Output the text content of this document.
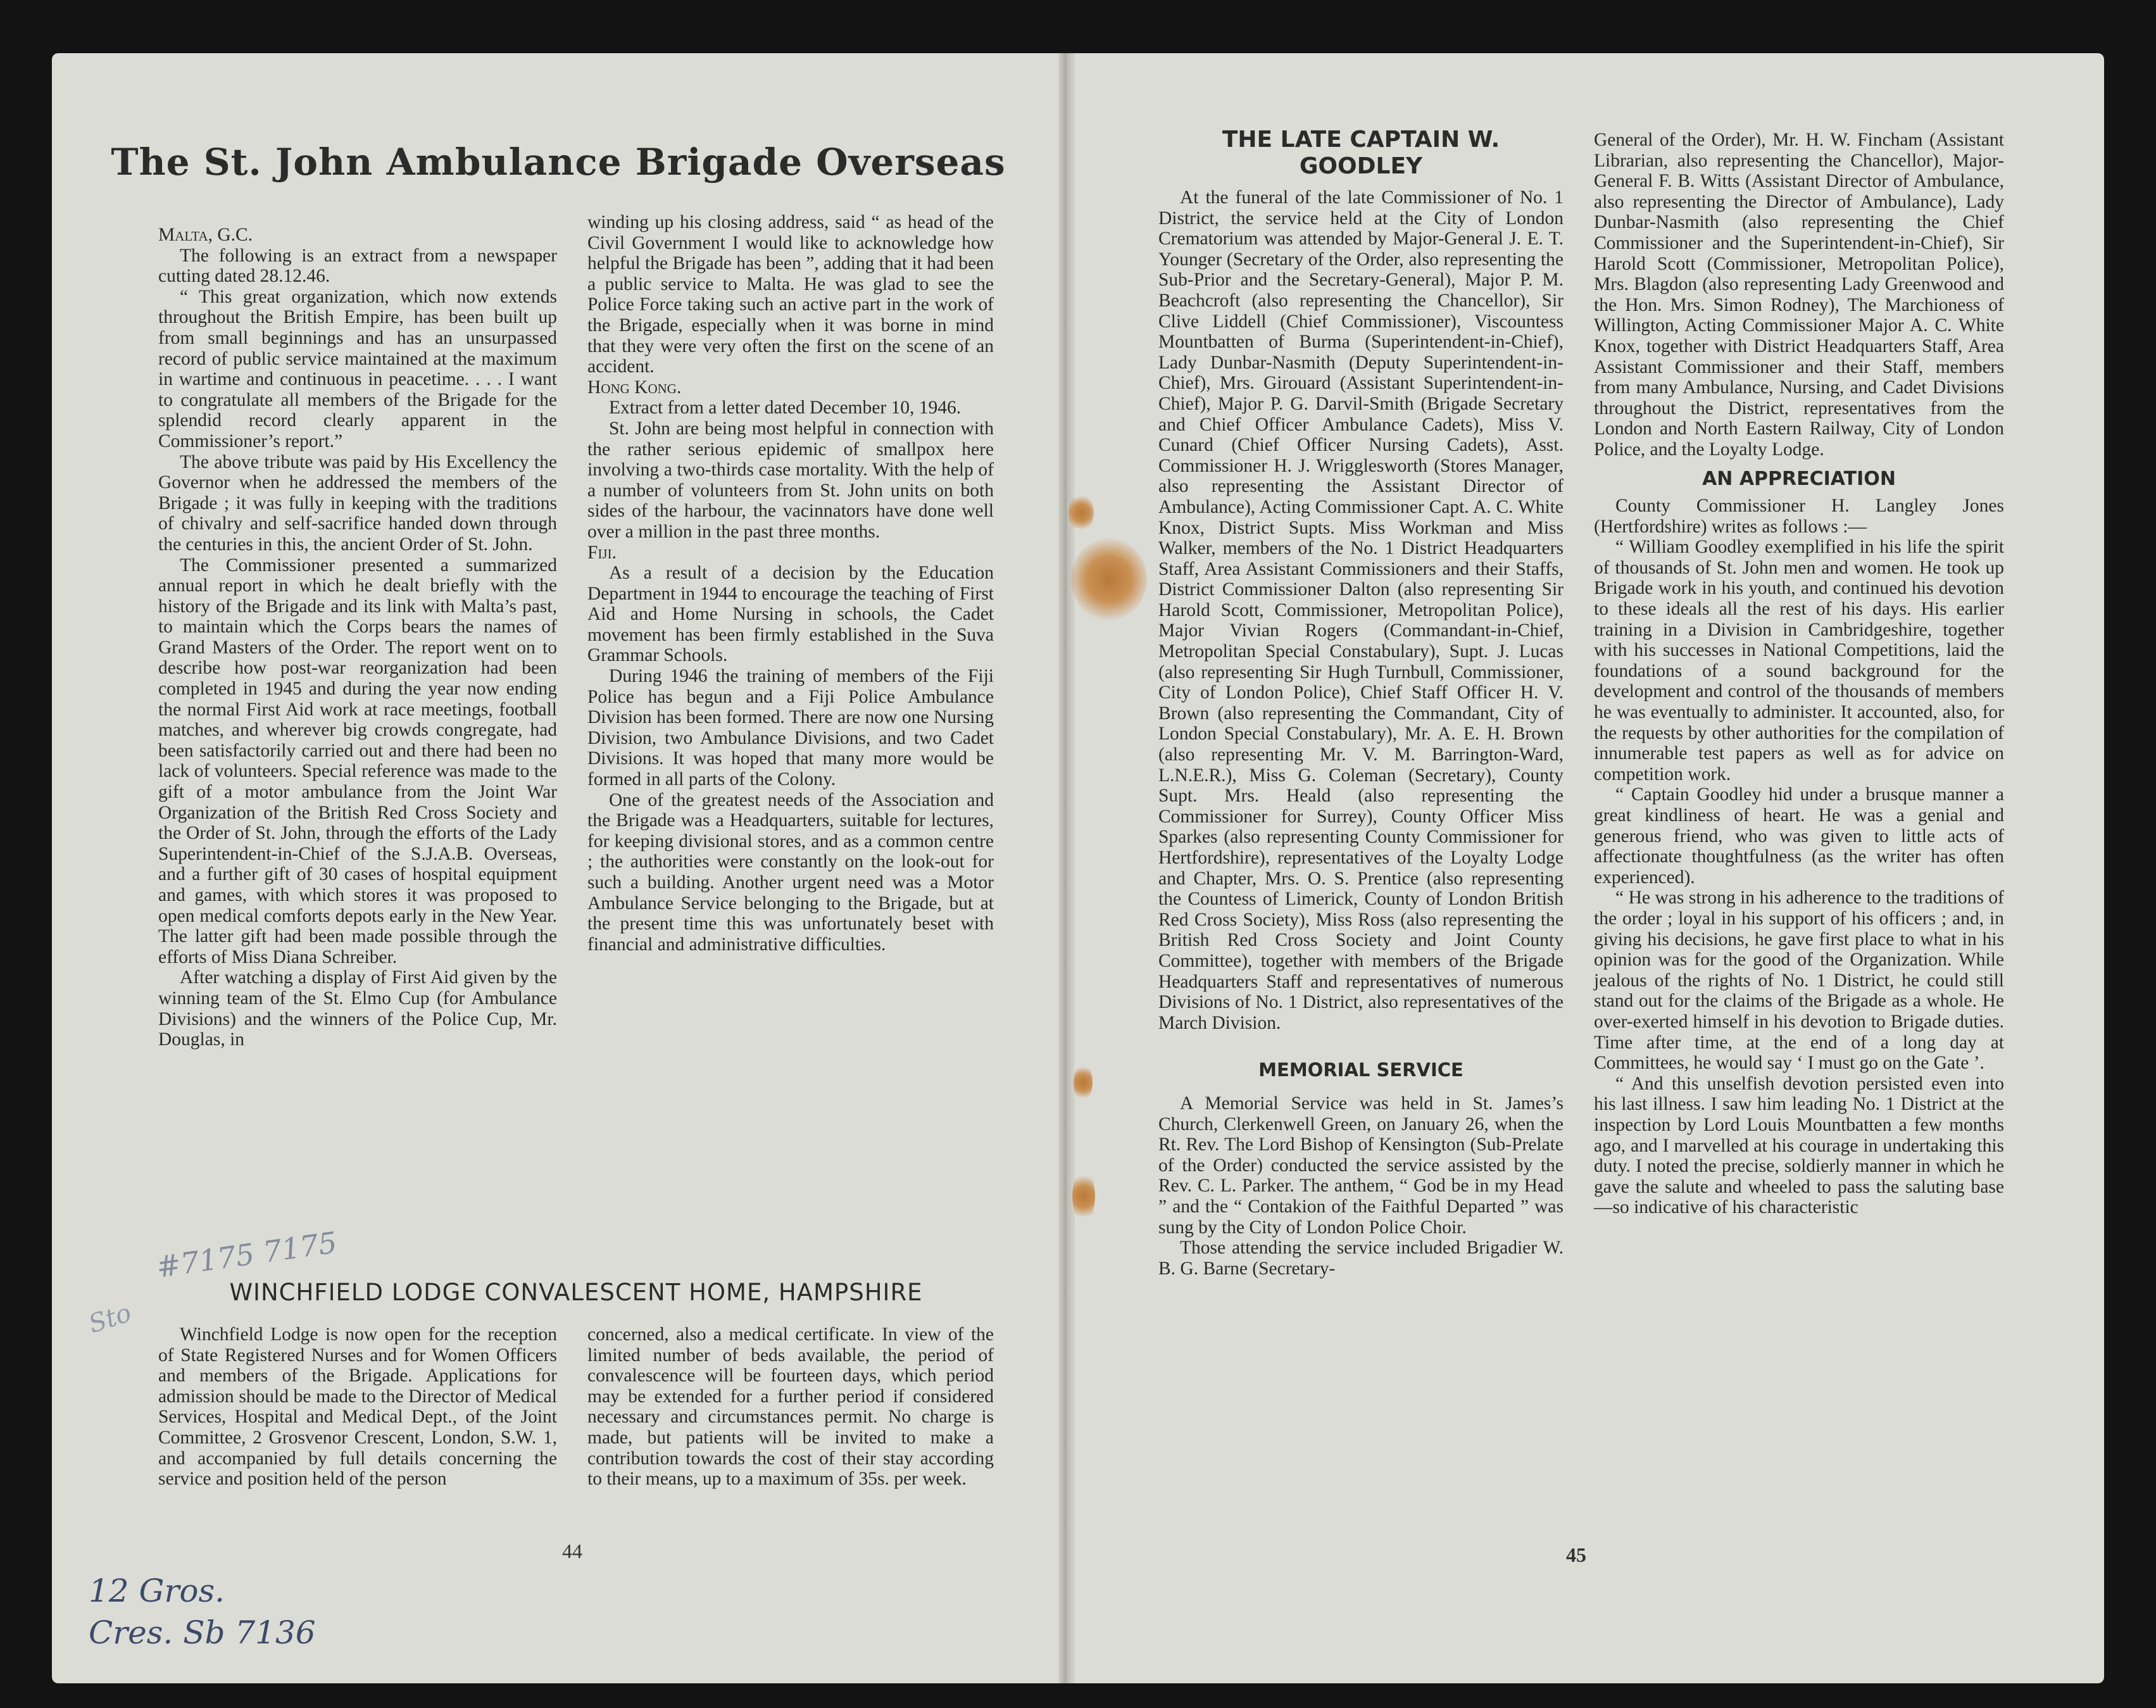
The St. John Ambulance Brigade Overseas

Malta, G.C.

The following is an extract from a newspaper cutting dated 28.12.46.

“ This great organization, which now extends throughout the British Empire, has been built up from small beginnings and has an unsurpassed record of public service maintained at the maximum in wartime and continuous in peacetime. . . . I want to congratulate all members of the Brigade for the splendid record clearly apparent in the Commissioner’s report.”

The above tribute was paid by His Excellency the Governor when he addressed the members of the Brigade ; it was fully in keeping with the traditions of chivalry and self-sacrifice handed down through the centuries in this, the ancient Order of St. John.

The Commissioner presented a summarized annual report in which he dealt briefly with the history of the Brigade and its link with Malta’s past, to maintain which the Corps bears the names of Grand Masters of the Order. The report went on to describe how post-war reorganization had been completed in 1945 and during the year now ending the normal First Aid work at race meetings, football matches, and wherever big crowds congregate, had been satisfactorily carried out and there had been no lack of volunteers. Special reference was made to the gift of a motor ambulance from the Joint War Organization of the British Red Cross Society and the Order of St. John, through the efforts of the Lady Superintendent-in-Chief of the S.J.A.B. Overseas, and a further gift of 30 cases of hospital equipment and games, with which stores it was proposed to open medical comforts depots early in the New Year. The latter gift had been made possible through the efforts of Miss Diana Schreiber.

After watching a display of First Aid given by the winning team of the St. Elmo Cup (for Ambulance Divisions) and the winners of the Police Cup, Mr. Douglas, in

winding up his closing address, said “ as head of the Civil Government I would like to acknowledge how helpful the Brigade has been ”, adding that it had been a public service to Malta. He was glad to see the Police Force taking such an active part in the work of the Brigade, especially when it was borne in mind that they were very often the first on the scene of an accident.

Hong Kong.

Extract from a letter dated December 10, 1946.

St. John are being most helpful in connection with the rather serious epidemic of smallpox here involving a two-thirds case mortality. With the help of a number of volunteers from St. John units on both sides of the harbour, the vacinnators have done well over a million in the past three months.

Fiji.

As a result of a decision by the Education Department in 1944 to encourage the teaching of First Aid and Home Nursing in schools, the Cadet movement has been firmly established in the Suva Grammar Schools.

During 1946 the training of members of the Fiji Police has begun and a Fiji Police Ambulance Division has been formed. There are now one Nursing Division, two Ambulance Divisions, and two Cadet Divisions. It was hoped that many more would be formed in all parts of the Colony.

One of the greatest needs of the Association and the Brigade was a Headquarters, suitable for lectures, for keeping divisional stores, and as a common centre ; the authorities were constantly on the look-out for such a building. Another urgent need was a Motor Ambulance Service belonging to the Brigade, but at the present time this was unfortunately beset with financial and administrative difficulties.

WINCHFIELD LODGE CONVALESCENT HOME, HAMPSHIRE

Winchfield Lodge is now open for the reception of State Registered Nurses and for Women Officers and members of the Brigade. Applications for admission should be made to the Director of Medical Services, Hospital and Medical Dept., of the Joint Committee, 2 Grosvenor Crescent, London, S.W. 1, and accompanied by full details concerning the service and position held of the person

concerned, also a medical certificate. In view of the limited number of beds available, the period of convalescence will be fourteen days, which period may be extended for a further period if considered necessary and circumstances permit. No charge is made, but patients will be invited to make a contribution towards the cost of their stay according to their means, up to a maximum of 35s. per week.

44
#7175 7175
Sto
12 Gros. Cres. Sb 7136
THE LATE CAPTAIN W. GOODLEY

At the funeral of the late Commissioner of No. 1 District, the service held at the City of London Crematorium was attended by Major-General J. E. T. Younger (Secretary of the Order, also representing the Sub-Prior and the Secretary-General), Major P. M. Beachcroft (also representing the Chancellor), Sir Clive Liddell (Chief Commissioner), Viscountess Mountbatten of Burma (Superintendent-in-Chief), Lady Dunbar-Nasmith (Deputy Superintendent-in-Chief), Mrs. Girouard (Assistant Superintendent-in-Chief), Major P. G. Darvil-Smith (Brigade Secretary and Chief Officer Ambulance Cadets), Miss V. Cunard (Chief Officer Nursing Cadets), Asst. Commissioner H. J. Wrigglesworth (Stores Manager, also representing the Assistant Director of Ambulance), Acting Commissioner Capt. A. C. White Knox, District Supts. Miss Workman and Miss Walker, members of the No. 1 District Headquarters Staff, Area Assistant Commissioners and their Staffs, District Commissioner Dalton (also representing Sir Harold Scott, Commissioner, Metropolitan Police), Major Vivian Rogers (Commandant-in-Chief, Metropolitan Special Constabulary), Supt. J. Lucas (also representing Sir Hugh Turnbull, Commissioner, City of London Police), Chief Staff Officer H. V. Brown (also representing the Commandant, City of London Special Constabulary), Mr. A. E. H. Brown (also representing Mr. V. M. Barrington-Ward, L.N.E.R.), Miss G. Coleman (Secretary), County Supt. Mrs. Heald (also representing the Commissioner for Surrey), County Officer Miss Sparkes (also representing County Commissioner for Hertfordshire), representatives of the Loyalty Lodge and Chapter, Mrs. O. S. Prentice (also representing the Countess of Limerick, County of London British Red Cross Society), Miss Ross (also representing the British Red Cross Society and Joint County Committee), together with members of the Brigade Headquarters Staff and representatives of numerous Divisions of No. 1 District, also representatives of the March Division.

MEMORIAL SERVICE

A Memorial Service was held in St. James’s Church, Clerkenwell Green, on January 26, when the Rt. Rev. The Lord Bishop of Kensington (Sub-Prelate of the Order) conducted the service assisted by the Rev. C. L. Parker. The anthem, “ God be in my Head ” and the “ Contakion of the Faithful Departed ” was sung by the City of London Police Choir.

Those attending the service included Brigadier W. B. G. Barne (Secretary-

General of the Order), Mr. H. W. Fincham (Assistant Librarian, also representing the Chancellor), Major-General F. B. Witts (Assistant Director of Ambulance, also representing the Director of Ambulance), Lady Dunbar-Nasmith (also representing the Chief Commissioner and the Superintendent-in-Chief), Sir Harold Scott (Commissioner, Metropolitan Police), Mrs. Blagdon (also representing Lady Greenwood and the Hon. Mrs. Simon Rodney), The Marchioness of Willington, Acting Commissioner Major A. C. White Knox, together with District Headquarters Staff, Area Assistant Commissioner and their Staff, members from many Ambulance, Nursing, and Cadet Divisions throughout the District, representatives from the London and North Eastern Railway, City of London Police, and the Loyalty Lodge.

AN APPRECIATION

County Commissioner H. Langley Jones (Hertfordshire) writes as follows :—

“ William Goodley exemplified in his life the spirit of thousands of St. John men and women. He took up Brigade work in his youth, and continued his devotion to these ideals all the rest of his days. His earlier training in a Division in Cambridgeshire, together with his successes in National Competitions, laid the foundations of a sound background for the development and control of the thousands of members he was eventually to administer. It accounted, also, for the requests by other authorities for the compilation of innumerable test papers as well as for advice on competition work.

“ Captain Goodley hid under a brusque manner a great kindliness of heart. He was a genial and generous friend, who was given to little acts of affectionate thoughtfulness (as the writer has often experienced).

“ He was strong in his adherence to the traditions of the order ; loyal in his support of his officers ; and, in giving his decisions, he gave first place to what in his opinion was for the good of the Organization. While jealous of the rights of No. 1 District, he could still stand out for the claims of the Brigade as a whole. He over-exerted himself in his devotion to Brigade duties. Time after time, at the end of a long day at Committees, he would say ‘ I must go on the Gate ’.

“ And this unselfish devotion persisted even into his last illness. I saw him leading No. 1 District at the inspection by Lord Louis Mountbatten a few months ago, and I marvelled at his courage in undertaking this duty. I noted the precise, soldierly manner in which he gave the salute and wheeled to pass the saluting base—so indicative of his characteristic

45
